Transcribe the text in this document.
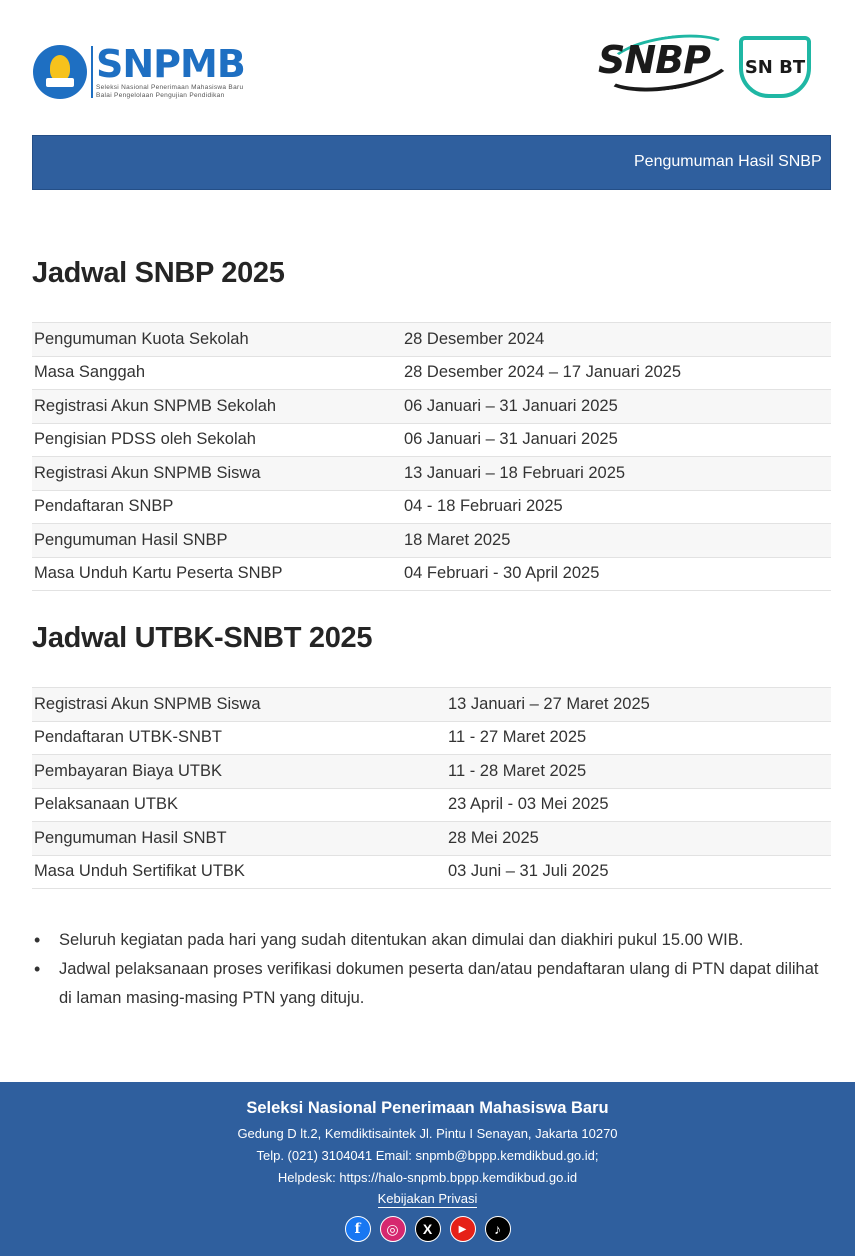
SNPMB
Seleksi Nasional Penerimaan Mahasiswa Baru
Balai Pengelolaan Pengujian Pendidikan
SNBP SN BT
Pengumuman Hasil SNBP
Jadwal SNBP 2025
Pengumuman Kuota Sekolah	28 Desember 2024
Masa Sanggah	28 Desember 2024 – 17 Januari 2025
Registrasi Akun SNPMB Sekolah	06 Januari – 31 Januari 2025
Pengisian PDSS oleh Sekolah	06 Januari – 31 Januari 2025
Registrasi Akun SNPMB Siswa	13 Januari – 18 Februari 2025
Pendaftaran SNBP	04 - 18 Februari 2025
Pengumuman Hasil SNBP	18 Maret 2025
Masa Unduh Kartu Peserta SNBP	04 Februari - 30 April 2025
Jadwal UTBK-SNBT 2025
Registrasi Akun SNPMB Siswa	13 Januari – 27 Maret 2025
Pendaftaran UTBK-SNBT	11 - 27 Maret 2025
Pembayaran Biaya UTBK	11 - 28 Maret 2025
Pelaksanaan UTBK	23 April - 03 Mei 2025
Pengumuman Hasil SNBT	28 Mei 2025
Masa Unduh Sertifikat UTBK	03 Juni – 31 Juli 2025
• Seluruh kegiatan pada hari yang sudah ditentukan akan dimulai dan diakhiri pukul 15.00 WIB.
• Jadwal pelaksanaan proses verifikasi dokumen peserta dan/atau pendaftaran ulang di PTN dapat dilihat di laman masing-masing PTN yang dituju.
Seleksi Nasional Penerimaan Mahasiswa Baru
Gedung D lt.2, Kemdiktisaintek Jl. Pintu I Senayan, Jakarta 10270
Telp. (021) 3104041 Email: snpmb@bppp.kemdikbud.go.id;
Helpdesk: https://halo-snpmb.bppp.kemdikbud.go.id
Kebijakan Privasi
f	◎	X	▶	♪
